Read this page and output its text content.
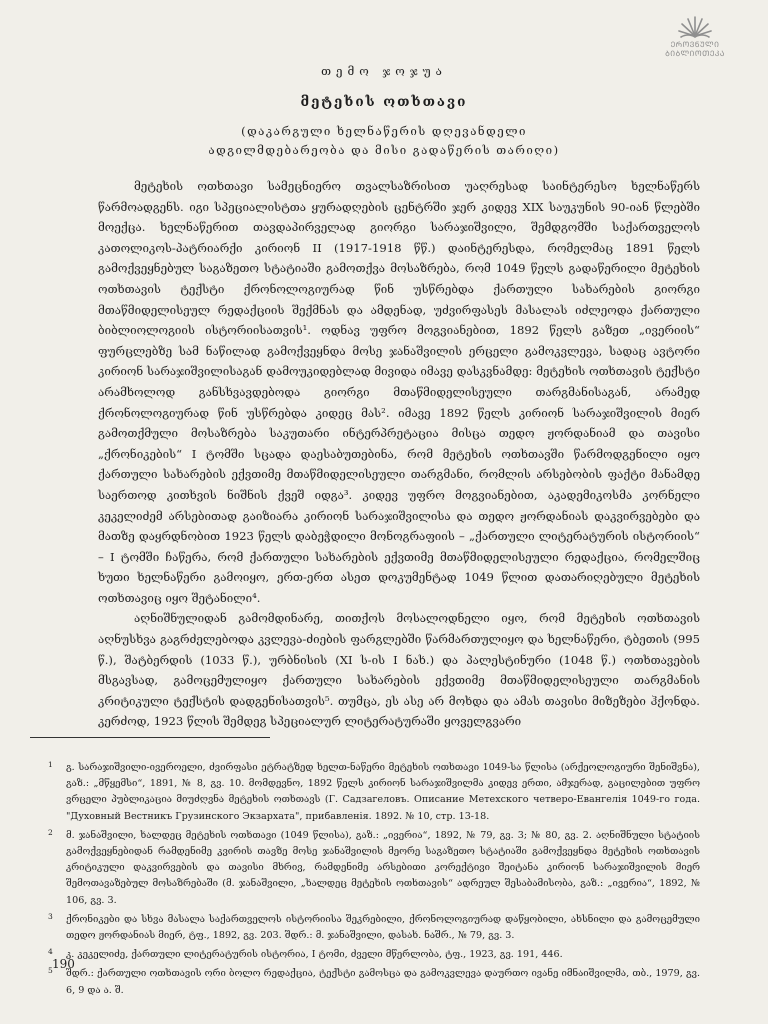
ᲔᲠᲝᲕᲜᲣᲚᲘ
ᲑᲘᲑᲚᲘᲝᲗᲔᲙᲐ
თემო ჯოჯუა
მეტეხის ოთხთავი
(დაკარგული ხელნაწერის დღევანდელი
ადგილმდებარეობა და მისი გადაწერის თარიღი)

მეტეხის ოთხთავი სამეცნიერო თვალსაზრისით უაღრესად საინტერესო ხელნაწერს წარმოადგენს. იგი სპეციალისტთა ყურადღების ცენტრში ჯერ კიდევ XIX საუკუნის 90-იან წლებში მოექცა. ხელნაწერით თავდაპირველად გიორგი სარაჯიშვილი, შემდგომში საქართველოს კათოლიკოს-პატრიარქი კირიონ II (1917-1918 წწ.) დაინტერესდა, რომელმაც 1891 წელს გამოქვეყნებულ საგაზეთო სტატიაში გამოთქვა მოსაზრება, რომ 1049 წელს გადაწერილი მეტეხის ოთხთავის ტექსტი ქრონოლოგიურად წინ უსწრებდა ქართული სახარების გიორგი მთაწმიდელისეულ რედაქციის შექმნას და ამდენად, უძვირფასეს მასალას იძლეოდა ქართული ბიბლიოლოგიის ისტორიისათვის¹. ოდნავ უფრო მოგვიანებით, 1892 წელს გაზეთ „ივერიის“ ფურცლებზე სამ ნაწილად გამოქვეყნდა მოსე ჯანაშვილის ერცელი გამოკვლევა, სადაც ავტორი კირიონ სარაჯიშვილისაგან დამოუკიდებლად მივიდა იმავე დასკვნამდე: მეტეხის ოთხთავის ტექსტი არამხოლოდ განსხვავდებოდა გიორგი მთაწმიდელისეული თარგმანისაგან, არამედ ქრონოლოგიურად წინ უსწრებდა კიდეც მას². იმავე 1892 წელს კირიონ სარაჯიშვილის მიერ გამოთქმული მოსაზრება საკუთარი ინტერპრეტაცია მისცა თედო ჟორდანიამ და თავისი „ქრონიკების“ I ტომში სცადა დაესაბუთებინა, რომ მეტეხის ოთხთავში წარმოდგენილი იყო ქართული სახარების ექვთიმე მთაწმიდელისეული თარგმანი, რომლის არსებობის ფაქტი მანამდე საერთოდ კითხვის ნიშნის ქვეშ იდგა³. კიდევ უფრო მოგვიანებით, აკადემიკოსმა კორნელი კეკელიძემ არსებითად გაიზიარა კირიონ სარაჯიშვილისა და თედო ჟორდანიას დაკვირვებები და მათზე დაყრდნობით 1923 წელს დაბეჭდილი მონოგრაფიის – „ქართული ლიტერატურის ისტორიის“ – I ტომში ჩაწერა, რომ ქართული სახარების ექვთიმე მთაწმიდელისეული რედაქცია, რომელშიც ხუთი ხელნაწერი გამოიყო, ერთ-ერთ ასეთ დოკუმენტად 1049 წლით დათარიღებული მეტეხის ოთხთავიც იყო შეტანილი⁴.

აღნიშნულიდან გამომდინარე, თითქოს მოსალოდნელი იყო, რომ მეტეხის ოთხთავის აღნუსხვა გაგრძელებოდა კვლევა-ძიების ფარგლებში წარმართულიყო და ხელნაწერი, ტბეთის (995 წ.), შატბერდის (1033 წ.), ურბნისის (XI ს-ის I ნახ.) და პალესტინური (1048 წ.) ოთხთავების მსგავსად, გამოცემულიყო ქართული სახარების ექვთიმე მთაწმიდელისეული თარგმანის კრიტიკული ტექსტის დადგენისათვის⁵. თუმცა, ეს ასე არ მოხდა და ამას თავისი მიზეზები ჰქონდა. კერძოდ, 1923 წლის შემდეგ სპეციალურ ლიტერატურაში ყოველგვარი

1 გ. სარაჯიშვილი-ივეროელი, ძვირფასი ეტრატზედ ხელთ-ნაწერი მეტეხის ოთხთავი 1049-სა წლისა (არქეოლოგიური შენიშვნა), გაზ.: „მწყემსი“, 1891, № 8, გვ. 10. მომდევნო, 1892 წელს კირიონ სარაჯიშვილმა კიდევ ერთი, ამჯერად, გაცილებით უფრო ვრცელი პუბლიკაცია მიუძღვნა მეტეხის ოთხთავს (Г. Садзагеловъ. Описание Метехского четверо-Евангелія 1049-го года. "Духовный Вестникъ Грузинского Экзархата", прибавленія. 1892. № 10, стр. 13-18.
2 მ. ჯანაშვილი, ხალდეც მეტეხის ოთხთავი (1049 წლისა), გაზ.: „ივერია“, 1892, № 79, გვ. 3; № 80, გვ. 2. აღნიშნული სტატიის გამოქვეყნებიდან რამდენიმე კვირის თავზე მოსე ჯანაშვილის მეორე საგაზეთო სტატიაში გამოქვეყნდა მეტეხის ოთხთავის კრიტიკული დაკვირვების და თავისი მხრივ, რამდენიმე არსებითი კორექტივი შეიტანა კირიონ სარაჯიშვილის მიერ შემოთავაზებულ მოსაზრებაში (მ. ჯანაშვილი, „ხალდეც მეტეხის ოთხთავის“ ადრეულ შესაბამისობა, გაზ.: „ივერია“, 1892, № 106, გვ. 3.
3 ქრონიკები და სხვა მასალა საქართველოს ისტორიისა შეკრებილი, ქრონოლოგიურად დაწყობილი, ახსნილი და გამოცემული თედო ჟორდანიას მიერ, ტფ., 1892, გვ. 203. შდრ.: მ. ჯანაშვილი, დასახ. ნაშრ., № 79, გვ. 3.
4 კ. კეკელიძე, ქართული ლიტერატურის ისტორია, I ტომი, ძველი მწერლობა, ტფ., 1923, გვ. 191, 446.
5 შდრ.: ქართული ოთხთავის ორი ბოლო რედაქცია, ტექსტი გამოსცა და გამოკვლევა დაურთო ივანე იმნაიშვილმა, თბ., 1979, გვ. 6, 9 და ა. შ.
190
